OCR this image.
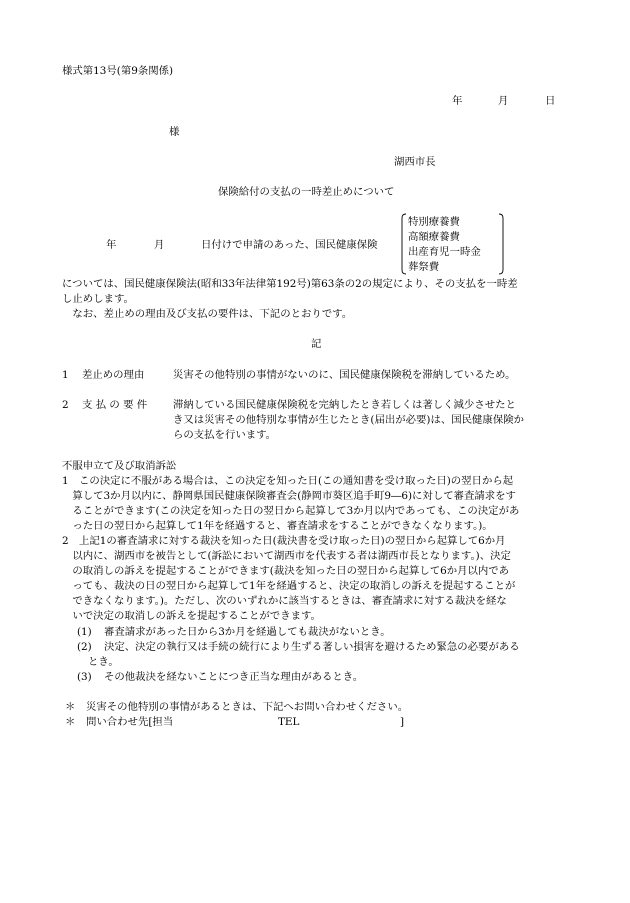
様式第13号(第9条関係)
年	月	日
様
湖西市長
保険給付の支払の一時差止めについて
年	月	日付けで申請のあった、国民健康保険
特別療養費
高額療養費
出産育児一時金
葬祭費
については、国民健康保険法(昭和33年法律第192号)第63条の2の規定により、その支払を一時差
し止めします。
　なお、差止めの理由及び支払の要件は、下記のとおりです。
記
1 差止めの理由	災害その他特別の事情がないのに、国民健康保険税を滞納しているため。
2 支 払 の 要 件 滞納している国民健康保険税を完納したとき若しくは著しく減少させたと
き又は災害その他特別な事情が生じたとき(届出が必要)は、国民健康保険か
らの支払を行います。
不服申立て及び取消訴訟
1　この決定に不服がある場合は、この決定を知った日(この通知書を受け取った日)の翌日から起
　算して3か月以内に、静岡県国民健康保険審査会(静岡市葵区追手町9―6)に対して審査請求をす
　ることができます(この決定を知った日の翌日から起算して3か月以内であっても、この決定があ
　った日の翌日から起算して1年を経過すると、審査請求をすることができなくなります。)。
2　上記1の審査請求に対する裁決を知った日(裁決書を受け取った日)の翌日から起算して6か月
　以内に、湖西市を被告として(訴訟において湖西市を代表する者は湖西市長となります。)、決定
　の取消しの訴えを提起することができます(裁決を知った日の翌日から起算して6か月以内であ
　っても、裁決の日の翌日から起算して1年を経過すると、決定の取消しの訴えを提起することが
　できなくなります。)。ただし、次のいずれかに該当するときは、審査請求に対する裁決を経な
　いで決定の取消しの訴えを提起することができます。
(1) 審査請求があった日から3か月を経過しても裁決がないとき。
(2) 決定、決定の執行又は手続の続行により生ずる著しい損害を避けるため緊急の必要がある
とき。
(3) その他裁決を経ないことにつき正当な理由があるとき。
＊ 災害その他特別の事情があるときは、下記へお問い合わせください。
＊ 問い合わせ先[担当	TEL	]
